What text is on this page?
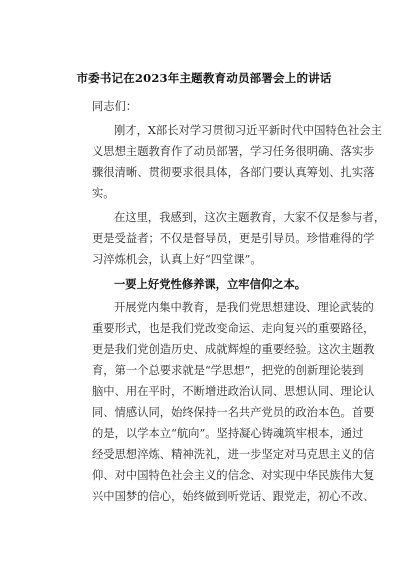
市委书记在2023年主题教育动员部署会上的讲话
同志们：
刚才，X部长对学习贯彻习近平新时代中国特色社会主
义思想主题教育作了动员部署，学习任务很明确、落实步
骤很清晰、贯彻要求很具体，各部门要认真筹划、扎实落
实。
在这里，我感到，这次主题教育，大家不仅是参与者，
更是受益者；不仅是督导员，更是引导员。珍惜难得的学
习淬炼机会，认真上好“四堂课”。
一要上好党性修养课，立牢信仰之本。
开展党内集中教育，是我们党思想建设、理论武装的
重要形式，也是我们党改变命运、走向复兴的重要路径，
更是我们党创造历史、成就辉煌的重要经验。这次主题教
育，第一个总要求就是“学思想”，把党的创新理论装到
脑中、用在平时，不断增进政治认同、思想认同、理论认
同、情感认同，始终保持一名共产党员的政治本色。首要
的是，以学本立“航向”。坚持凝心铸魂筑牢根本，通过
经受思想淬炼、精神洗礼，进一步坚定对马克思主义的信
仰、对中国特色社会主义的信念、对实现中华民族伟大复
兴中国梦的信心，始终做到听党话、跟党走，初心不改、
